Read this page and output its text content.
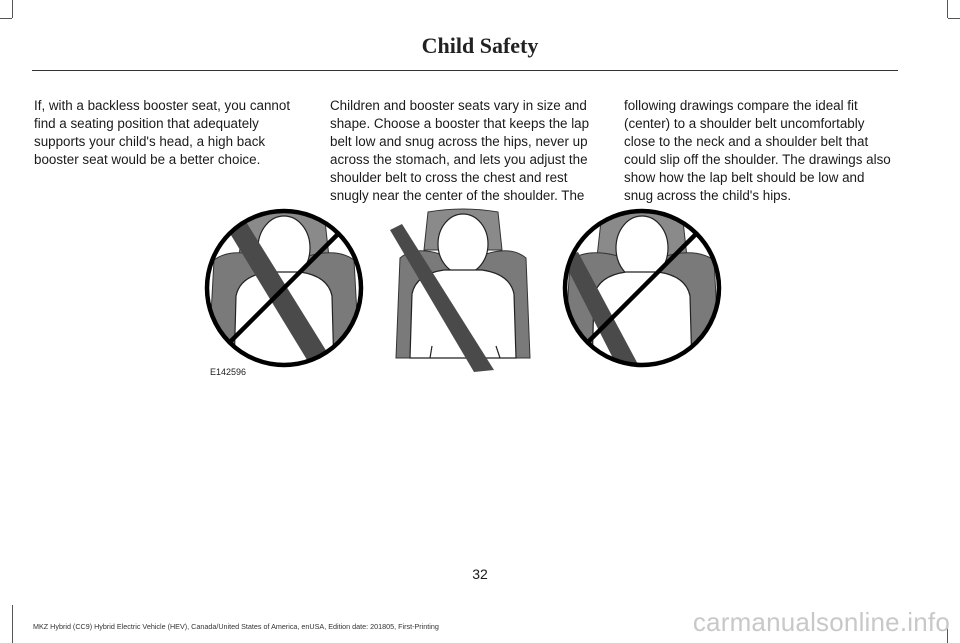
Child Safety
If, with a backless booster seat, you cannot find a seating position that adequately supports your child's head, a high back booster seat would be a better choice.
Children and booster seats vary in size and shape. Choose a booster that keeps the lap belt low and snug across the hips, never up across the stomach, and lets you adjust the shoulder belt to cross the chest and rest snugly near the center of the shoulder. The
following drawings compare the ideal fit (center) to a shoulder belt uncomfortably close to the neck and a shoulder belt that could slip off the shoulder. The drawings also show how the lap belt should be low and snug across the child's hips.
E142596
32
MKZ Hybrid (CC9) Hybrid Electric Vehicle (HEV), Canada/United States of America, enUSA, Edition date: 201805, First-Printing	carmanualsonline.info
